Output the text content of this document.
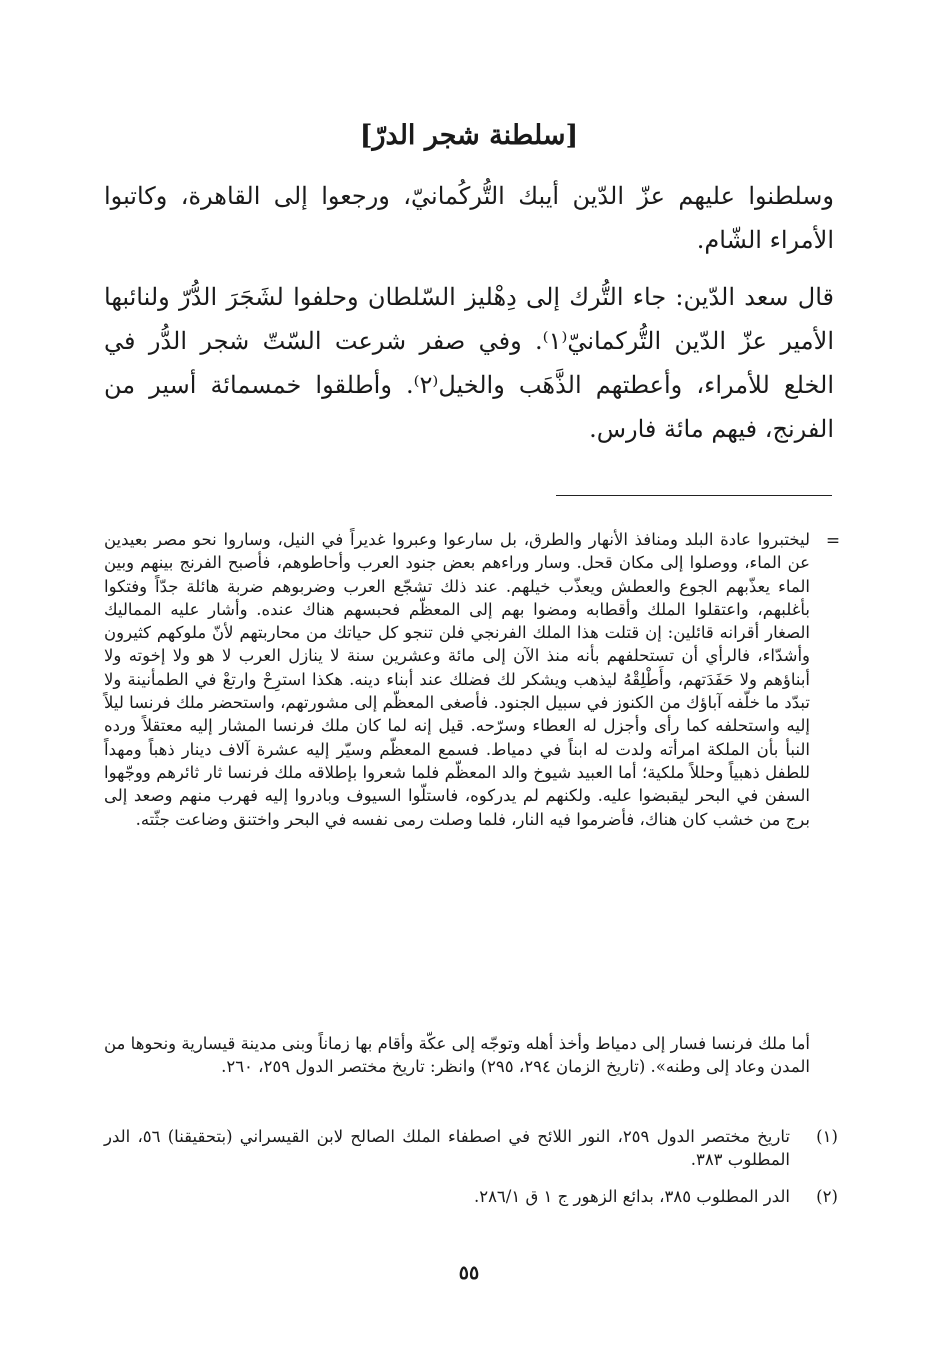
[سلطنة شجر الدرّ]
وسلطنوا عليهم عزّ الدّين أيبك التُّركُمانيّ، ورجعوا إلى القاهرة، وكاتبوا الأمراء الشّام.
قال سعد الدّين: جاء التُّرك إلى دِهْليز السّلطان وحلفوا لشَجَرَ الدُّرّ ولنائبها الأمير عزّ الدّين التُّركمانيّ⁽١⁾. وفي صفر شرعت السّتّ شجر الدُّر في الخلع للأمراء، وأعطتهم الذَّهَب والخيل⁽٢⁾. وأطلقوا خمسمائة أسير من الفرنج، فيهم مائة فارس.
=
ليختبروا عادة البلد ومنافذ الأنهار والطرق، بل سارعوا وعبروا غديراً في النيل، وساروا نحو مصر بعيدين عن الماء، ووصلوا إلى مكان قحل. وسار وراءهم بعض جنود العرب وأحاطوهم، فأصبح الفرنج بينهم وبين الماء يعذّبهم الجوع والعطش ويعذّب خيلهم. عند ذلك تشجّع العرب وضربوهم ضربة هائلة جدّاً وفتكوا بأغلبهم، واعتقلوا الملك وأقطابه ومضوا بهم إلى المعظّم فحبسهم هناك عنده. وأشار عليه المماليك الصغار أقرانه قائلين: إن قتلت هذا الملك الفرنجي فلن تنجو كل حياتك من محاربتهم لأنّ ملوكهم كثيرون وأشدّاء، فالرأي أن تستحلفهم بأنه منذ الآن إلى مائة وعشرين سنة لا ينازل العرب لا هو ولا إخوته ولا أبناؤهم ولا حَفَدَتهم، وأَطْلِقْهُ ليذهب ويشكر لك فضلك عند أبناء دينه. هكذا استرِحْ وارتعْ في الطمأنينة ولا تبدّد ما خلّفه آباؤك من الكنوز في سبيل الجنود. فأصغى المعظّم إلى مشورتهم، واستحضر ملك فرنسا ليلاً إليه واستحلفه كما رأى وأجزل له العطاء وسرّحه. قيل إنه لما كان ملك فرنسا المشار إليه معتقلاً ورده النبأ بأن الملكة امرأته ولدت له ابناً في دمياط. فسمع المعظّم وسيّر إليه عشرة آلاف دينار ذهباً ومهداً للطفل ذهبياً وحللاً ملكية؛ أما العبيد شيوخ والد المعظّم فلما شعروا بإطلاقه ملك فرنسا ثار ثائرهم ووجّهوا السفن في البحر ليقبضوا عليه. ولكنهم لم يدركوه، فاستلّوا السيوف وبادروا إليه فهرب منهم وصعد إلى برج من خشب كان هناك، فأضرموا فيه النار، فلما وصلت رمى نفسه في البحر واختنق وضاعت جثّته.
أما ملك فرنسا فسار إلى دمياط وأخذ أهله وتوجّه إلى عكّة وأقام بها زماناً وبنى مدينة قيسارية ونحوها من المدن وعاد إلى وطنه». (تاريخ الزمان ٢٩٤، ٢٩٥) وانظر: تاريخ مختصر الدول ٢٥٩، ٢٦٠.
(١)
تاريخ مختصر الدول ٢٥٩، النور اللائح في اصطفاء الملك الصالح لابن القيسراني (بتحقيقنا) ٥٦، الدر المطلوب ٣٨٣.
(٢)
الدر المطلوب ٣٨٥، بدائع الزهور ج ١ ق ٢٨٦/١.
٥٥
